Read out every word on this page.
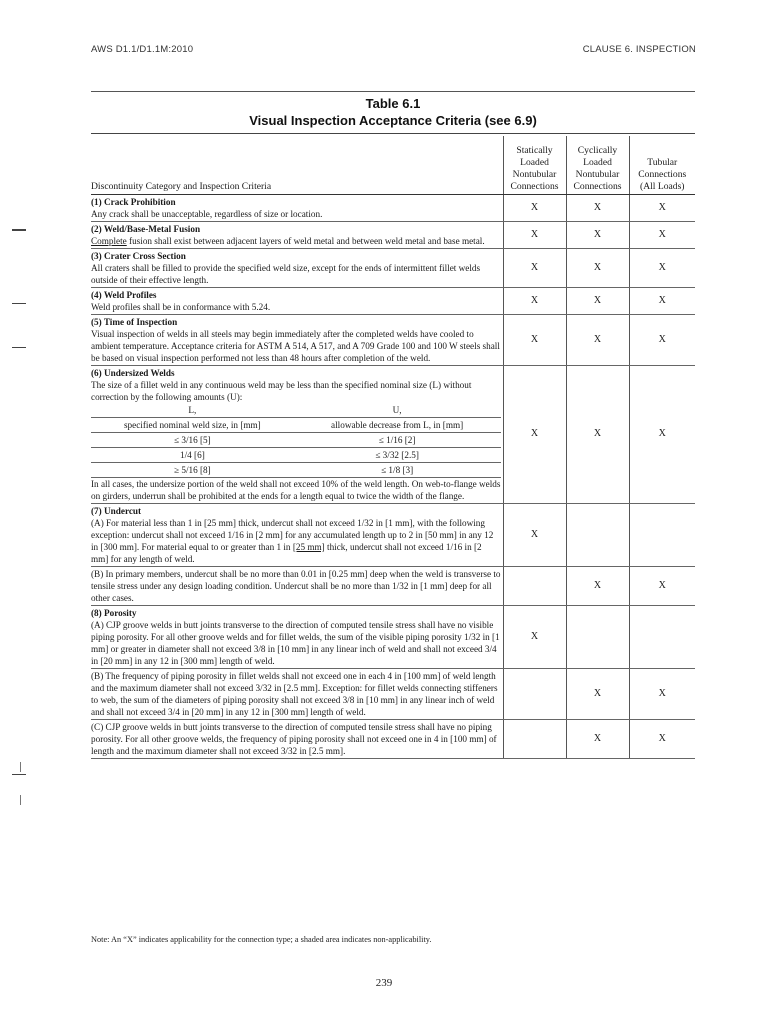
AWS D1.1/D1.1M:2010	CLAUSE 6. INSPECTION
Table 6.1
Visual Inspection Acceptance Criteria (see 6.9)
Discontinuity Category and Inspection Criteria	
Statically
Loaded
Nontubular
Connections

Cyclically
Loaded
Nontubular
Connections

Tubular
Connections
(All Loads)

(1) Crack Prohibition
Any crack shall be unacceptable, regardless of size or location.
	X	X	X

(2) Weld/Base-Metal Fusion
Complete fusion shall exist between adjacent layers of weld metal and between weld metal and base metal.
	X	X	X

(3) Crater Cross Section
All craters shall be filled to provide the specified weld size, except for the ends of intermittent fillet welds outside of their effective length.
	X	X	X

(4) Weld Profiles
Weld profiles shall be in conformance with 5.24.
	X	X	X

(5) Time of Inspection
Visual inspection of welds in all steels may begin immediately after the completed welds have cooled to ambient temperature. Acceptance criteria for ASTM A 514, A 517, and A 709 Grade 100 and 100 W steels shall be based on visual inspection performed not less than 48 hours after completion of the weld.
	X	X	X

(6) Undersized Welds
The size of a fillet weld in any continuous weld may be less than the specified nominal size (L) without correction by the following amounts (U):
L,	U,
specified nominal weld size, in [mm]	allowable decrease from L, in [mm]
≤ 3/16 [5]	≤ 1/16 [2]
1/4 [6]	≤ 3/32 [2.5]
≥ 5/16 [8]	≤ 1/8 [3]
In all cases, the undersize portion of the weld shall not exceed 10% of the weld length. On web-to-flange welds on girders, underrun shall be prohibited at the ends for a length equal to twice the width of the flange.
	X	X	X

(7) Undercut
(A) For material less than 1 in [25 mm] thick, undercut shall not exceed 1/32 in [1 mm], with the following exception: undercut shall not exceed 1/16 in [2 mm] for any accumulated length up to 2 in [50 mm] in any 12 in [300 mm]. For material equal to or greater than 1 in [25 mm] thick, undercut shall not exceed 1/16 in [2 mm] for any length of weld.
	X		

(B) In primary members, undercut shall be no more than 0.01 in [0.25 mm] deep when the weld is transverse to tensile stress under any design loading condition. Undercut shall be no more than 1/32 in [1 mm] deep for all other cases.
		X	X

(8) Porosity
(A) CJP groove welds in butt joints transverse to the direction of computed tensile stress shall have no visible piping porosity. For all other groove welds and for fillet welds, the sum of the visible piping porosity 1/32 in [1 mm] or greater in diameter shall not exceed 3/8 in [10 mm] in any linear inch of weld and shall not exceed 3/4 in [20 mm] in any 12 in [300 mm] length of weld.
	X		

(B) The frequency of piping porosity in fillet welds shall not exceed one in each 4 in [100 mm] of weld length and the maximum diameter shall not exceed 3/32 in [2.5 mm]. Exception: for fillet welds connecting stiffeners to web, the sum of the diameters of piping porosity shall not exceed 3/8 in [10 mm] in any linear inch of weld and shall not exceed 3/4 in [20 mm] in any 12 in [300 mm] length of weld.
		X	X

(C) CJP groove welds in butt joints transverse to the direction of computed tensile stress shall have no piping porosity. For all other groove welds, the frequency of piping porosity shall not exceed one in 4 in [100 mm] of length and the maximum diameter shall not exceed 3/32 in [2.5 mm].
		X	X
Note: An “X” indicates applicability for the connection type; a shaded area indicates non-applicability.
239
